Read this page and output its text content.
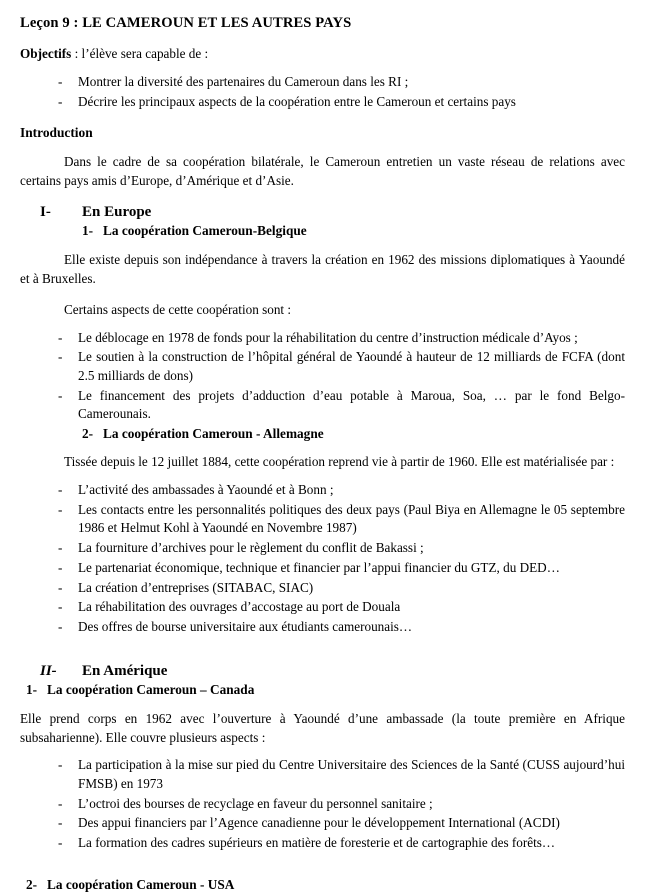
Leçon 9 : LE CAMEROUN ET LES AUTRES PAYS

Objectifs : l’élève sera capable de :

-	Montrer la diversité des partenaires du Cameroun dans les RI ;
-	Décrire les principaux aspects de la coopération entre le Cameroun et certains pays

Introduction

Dans le cadre de sa coopération bilatérale, le Cameroun entretien un vaste réseau de relations avec certains pays amis d’Europe, d’Amérique et d’Asie.

I-	En Europe
1- La coopération Cameroun-Belgique

Elle existe depuis son indépendance à travers la création en 1962 des missions diplomatiques à Yaoundé et à Bruxelles.

Certains aspects de cette coopération sont :

-	Le déblocage en 1978 de fonds pour la réhabilitation du centre d’instruction médicale d’Ayos ;
-	Le soutien à la construction de l’hôpital général de Yaoundé à hauteur de 12 milliards de FCFA (dont 2.5 milliards de dons)
-	Le financement des projets d’adduction d’eau potable à Maroua, Soa, … par le fond Belgo-Camerounais.
2- La coopération Cameroun - Allemagne

Tissée depuis le 12 juillet 1884, cette coopération reprend vie à partir de 1960. Elle est matérialisée par :

-	L’activité des ambassades à Yaoundé et à Bonn ;
-	Les contacts entre les personnalités politiques des deux pays (Paul Biya en Allemagne le 05 septembre 1986 et Helmut Kohl à Yaoundé en Novembre 1987)
-	La fourniture d’archives pour le règlement du conflit de Bakassi ;
-	Le partenariat économique, technique et financier par l’appui financier du GTZ, du DED…
-	La création d’entreprises (SITABAC, SIAC)
-	La réhabilitation des ouvrages d’accostage au port de Douala
-	Des offres de bourse universitaire aux étudiants camerounais…
II-	En Amérique
1- La coopération Cameroun – Canada

Elle prend corps en 1962 avec l’ouverture à Yaoundé d’une ambassade (la toute première en Afrique subsaharienne). Elle couvre plusieurs aspects :

-	La participation à la mise sur pied du Centre Universitaire des Sciences de la Santé (CUSS aujourd’hui FMSB) en 1973
-	L’octroi des bourses de recyclage en faveur du personnel sanitaire ;
-	Des appui financiers par l’Agence canadienne pour le développement International (ACDI)
-	La formation des cadres supérieurs en matière de foresterie et de cartographie des forêts…
2- La coopération Cameroun - USA
